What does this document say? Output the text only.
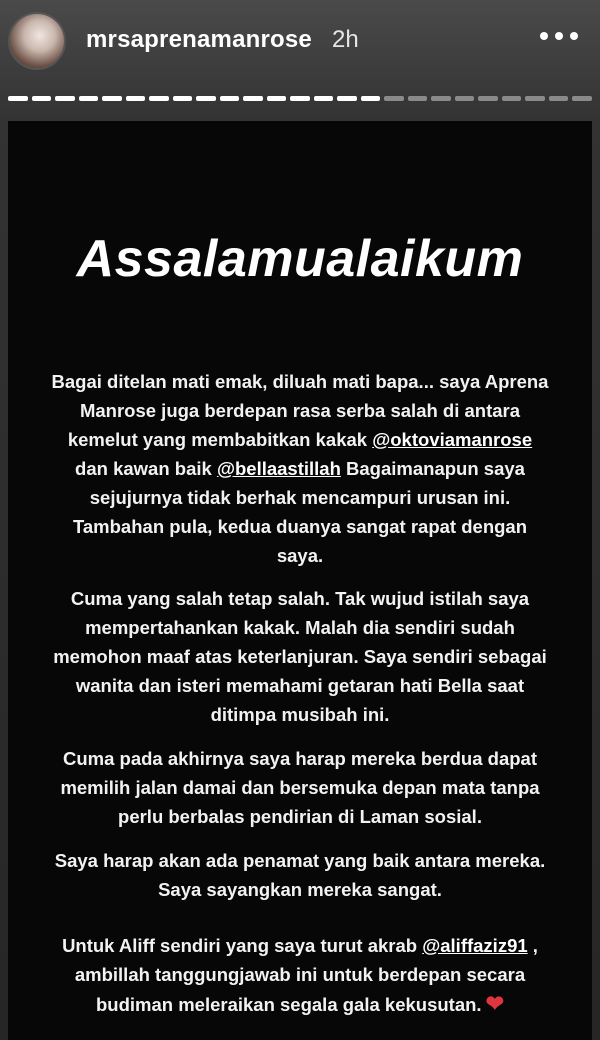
mrsaprenamanrose 2h
Assalamualaikum

Bagai ditelan mati emak, diluah mati bapa... saya Aprena

Manrose juga berdepan rasa serba salah di antara

kemelut yang membabitkan kakak @oktoviamanrose

dan kawan baik @bellaastillah Bagaimanapun saya

sejujurnya tidak berhak mencampuri urusan ini.

Tambahan pula, kedua duanya sangat rapat dengan

saya.

Cuma yang salah tetap salah. Tak wujud istilah saya

mempertahankan kakak. Malah dia sendiri sudah

memohon maaf atas keterlanjuran. Saya sendiri sebagai

wanita dan isteri memahami getaran hati Bella saat

ditimpa musibah ini.

Cuma pada akhirnya saya harap mereka berdua dapat

memilih jalan damai dan bersemuka depan mata tanpa

perlu berbalas pendirian di Laman sosial.

Saya harap akan ada penamat yang baik antara mereka.

Saya sayangkan mereka sangat.

Untuk Aliff sendiri yang saya turut akrab @aliffaziz91 ,

ambillah tanggungjawab ini untuk berdepan secara

budiman meleraikan segala gala kekusutan. ❤
